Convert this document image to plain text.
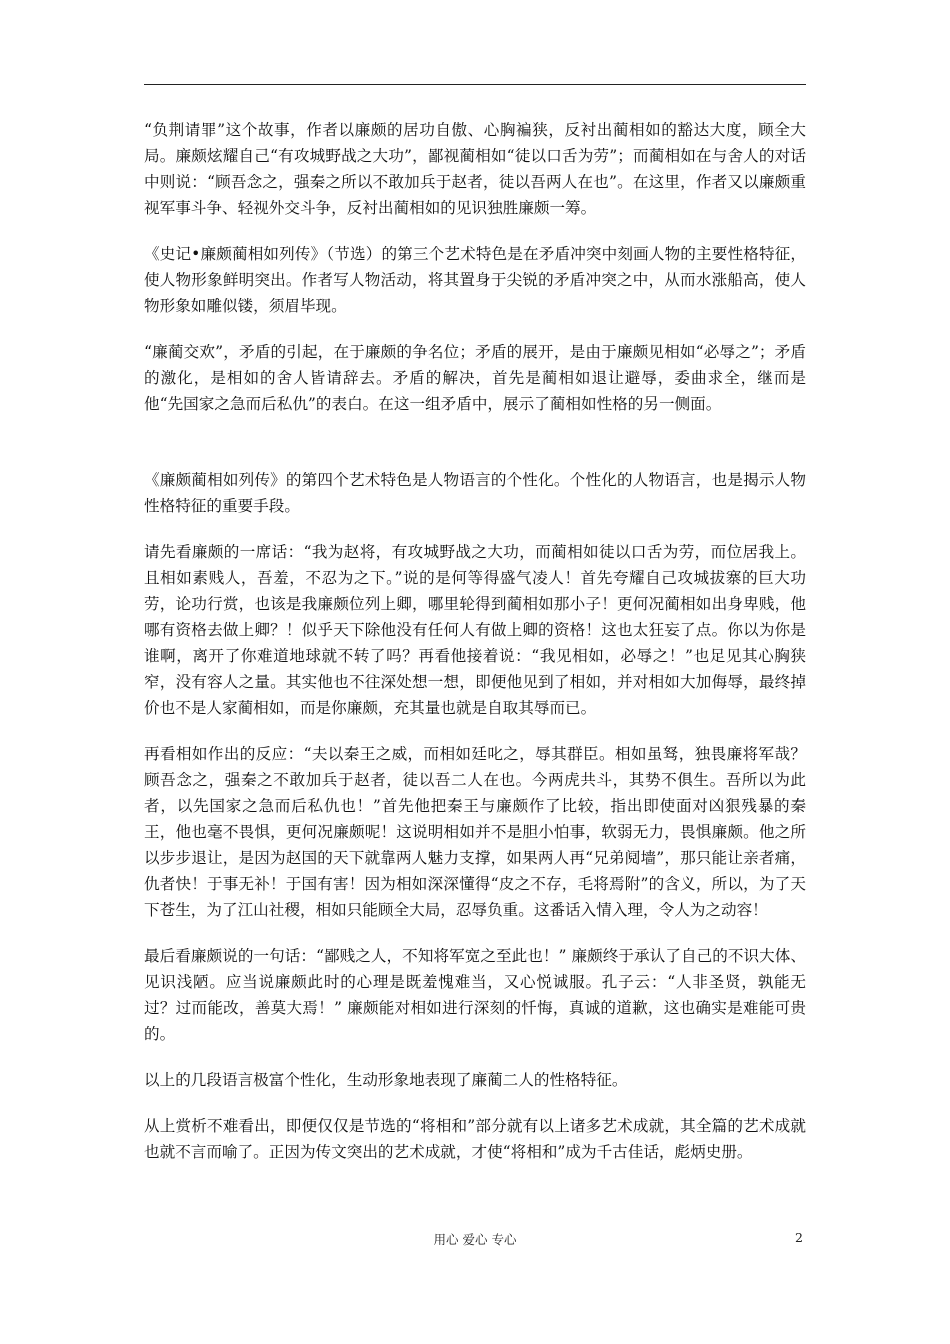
“负荆请罪”这个故事，作者以廉颇的居功自傲、心胸褊狭，反衬出蔺相如的豁达大度，顾全大局。廉颇炫耀自己“有攻城野战之大功”，鄙视蔺相如“徒以口舌为劳”；而蔺相如在与舍人的对话中则说：“顾吾念之，强秦之所以不敢加兵于赵者，徒以吾两人在也”。在这里，作者又以廉颇重视军事斗争、轻视外交斗争，反衬出蔺相如的见识独胜廉颇一筹。

《史记•廉颇蔺相如列传》（节选）的第三个艺术特色是在矛盾冲突中刻画人物的主要性格特征，使人物形象鲜明突出。作者写人物活动，将其置身于尖锐的矛盾冲突之中，从而水涨船高，使人物形象如雕似镂，须眉毕现。

“廉蔺交欢”，矛盾的引起，在于廉颇的争名位；矛盾的展开，是由于廉颇见相如“必辱之”；矛盾的激化，是相如的舍人皆请辞去。矛盾的解决，首先是蔺相如退让避辱，委曲求全，继而是他“先国家之急而后私仇”的表白。在这一组矛盾中，展示了蔺相如性格的另一侧面。

《廉颇蔺相如列传》的第四个艺术特色是人物语言的个性化。个性化的人物语言，也是揭示人物性格特征的重要手段。

请先看廉颇的一席话：“我为赵将，有攻城野战之大功，而蔺相如徒以口舌为劳，而位居我上。且相如素贱人，吾羞，不忍为之下。”说的是何等得盛气凌人！首先夸耀自己攻城拔寨的巨大功劳，论功行赏，也该是我廉颇位列上卿，哪里轮得到蔺相如那小子！更何况蔺相如出身卑贱，他哪有资格去做上卿？！似乎天下除他没有任何人有做上卿的资格！这也太狂妄了点。你以为你是谁啊，离开了你难道地球就不转了吗？再看他接着说：“我见相如，必辱之！”也足见其心胸狭窄，没有容人之量。其实他也不往深处想一想，即便他见到了相如，并对相如大加侮辱，最终掉价也不是人家蔺相如，而是你廉颇，充其量也就是自取其辱而已。

再看相如作出的反应：“夫以秦王之威，而相如廷叱之，辱其群臣。相如虽驽，独畏廉将军哉？顾吾念之，强秦之不敢加兵于赵者，徒以吾二人在也。今两虎共斗，其势不俱生。吾所以为此者，以先国家之急而后私仇也！”首先他把秦王与廉颇作了比较，指出即使面对凶狠残暴的秦王，他也毫不畏惧，更何况廉颇呢！这说明相如并不是胆小怕事，软弱无力，畏惧廉颇。他之所以步步退让，是因为赵国的天下就靠两人魅力支撑，如果两人再“兄弟阋墙”，那只能让亲者痛，仇者快！于事无补！于国有害！因为相如深深懂得“皮之不存，毛将焉附”的含义，所以，为了天下苍生，为了江山社稷，相如只能顾全大局，忍辱负重。这番话入情入理，令人为之动容！

最后看廉颇说的一句话：“鄙贱之人，不知将军宽之至此也！” 廉颇终于承认了自己的不识大体、见识浅陋。应当说廉颇此时的心理是既羞愧难当，又心悦诚服。孔子云：“人非圣贤，孰能无过？过而能改，善莫大焉！” 廉颇能对相如进行深刻的忏悔，真诚的道歉，这也确实是难能可贵的。

以上的几段语言极富个性化，生动形象地表现了廉蔺二人的性格特征。

从上赏析不难看出，即便仅仅是节选的“将相和”部分就有以上诸多艺术成就，其全篇的艺术成就也就不言而喻了。正因为传文突出的艺术成就，才使“将相和”成为千古佳话，彪炳史册。

用心 爱心 专心	2
